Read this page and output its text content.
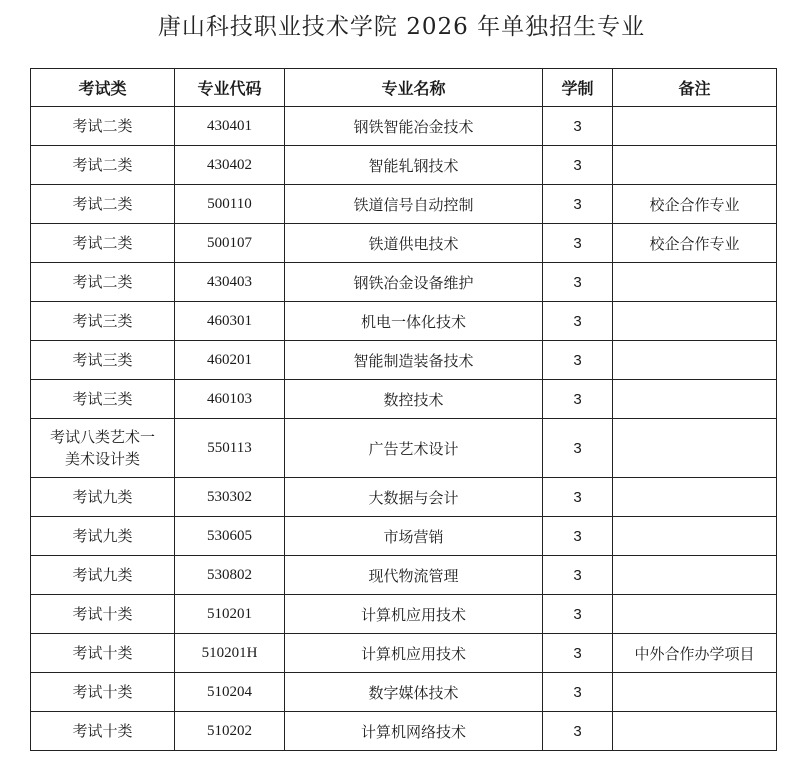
唐山科技职业技术学院 2026 年单独招生专业
考试类	专业代码	专业名称	学制	备注
考试二类	430401	钢铁智能冶金技术	3	
考试二类	430402	智能轧钢技术	3	
考试二类	500110	铁道信号自动控制	3	校企合作专业
考试二类	500107	铁道供电技术	3	校企合作专业
考试二类	430403	钢铁冶金设备维护	3	
考试三类	460301	机电一体化技术	3	
考试三类	460201	智能制造装备技术	3	
考试三类	460103	数控技术	3	

考试八类艺术一
美术设计类	550113	广告艺术设计	3	
考试九类	530302	大数据与会计	3	
考试九类	530605	市场营销	3	
考试九类	530802	现代物流管理	3	
考试十类	510201	计算机应用技术	3	
考试十类	510201H	计算机应用技术	3	中外合作办学项目
考试十类	510204	数字媒体技术	3	
考试十类	510202	计算机网络技术	3	
